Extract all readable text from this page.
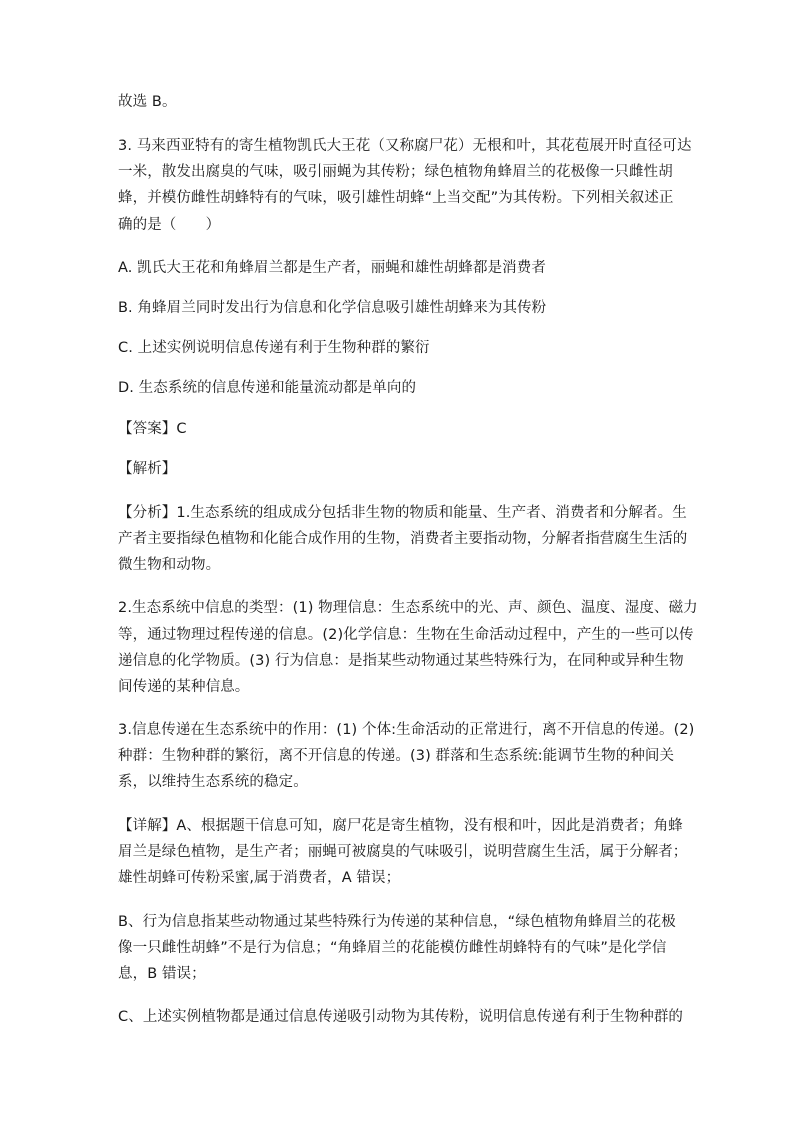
故选 B。
3. 马来西亚特有的寄生植物凯氏大王花（又称腐尸花）无根和叶，其花苞展开时直径可达
一米，散发出腐臭的气味，吸引丽蝇为其传粉；绿色植物角蜂眉兰的花极像一只雌性胡
蜂，并模仿雌性胡蜂特有的气味，吸引雄性胡蜂“上当交配”为其传粉。下列相关叙述正
确的是（　　）
A. 凯氏大王花和角蜂眉兰都是生产者，丽蝇和雄性胡蜂都是消费者
B. 角蜂眉兰同时发出行为信息和化学信息吸引雄性胡蜂来为其传粉
C. 上述实例说明信息传递有利于生物种群的繁衍
D. 生态系统的信息传递和能量流动都是单向的
【答案】C
【解析】
【分析】1.生态系统的组成成分包括非生物的物质和能量、生产者、消费者和分解者。生
产者主要指绿色植物和化能合成作用的生物，消费者主要指动物，分解者指营腐生生活的
微生物和动物。
2.生态系统中信息的类型：(1) 物理信息：生态系统中的光、声、颜色、温度、湿度、磁力
等，通过物理过程传递的信息。(2)化学信息：生物在生命活动过程中，产生的一些可以传
递信息的化学物质。(3) 行为信息：是指某些动物通过某些特殊行为，在同种或异种生物
间传递的某种信息。
3.信息传递在生态系统中的作用：(1) 个体:生命活动的正常进行，离不开信息的传递。(2)
种群：生物种群的繁衍，离不开信息的传递。(3) 群落和生态系统:能调节生物的种间关
系，以维持生态系统的稳定。
【详解】A、根据题干信息可知，腐尸花是寄生植物，没有根和叶，因此是消费者；角蜂
眉兰是绿色植物，是生产者；丽蝇可被腐臭的气味吸引，说明营腐生生活，属于分解者；
雄性胡蜂可传粉采蜜,属于消费者，A 错误；
B、行为信息指某些动物通过某些特殊行为传递的某种信息，“绿色植物角蜂眉兰的花极
像一只雌性胡蜂”不是行为信息；“角蜂眉兰的花能模仿雌性胡蜂特有的气味”是化学信
息，B 错误；
C、上述实例植物都是通过信息传递吸引动物为其传粉，说明信息传递有利于生物种群的
